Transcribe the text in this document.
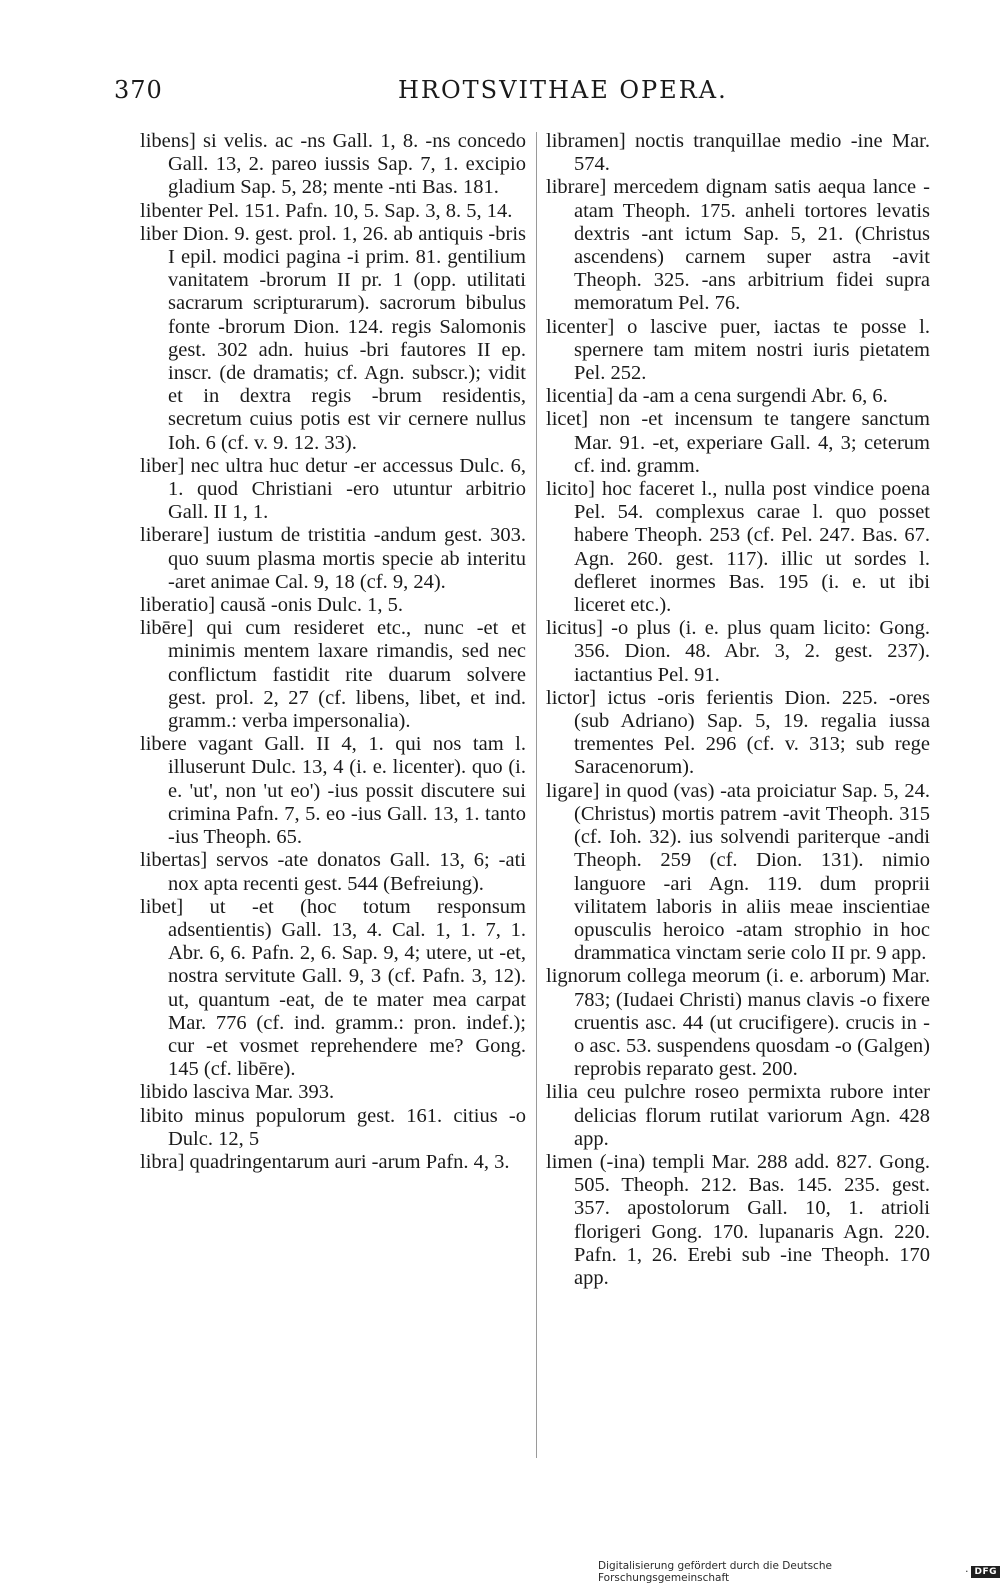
370	HROTSVITHAE OPERA.

libens] si velis. ac -ns Gall. 1, 8. -ns concedo Gall. 13, 2. pareo iussis Sap. 7, 1. excipio gladium Sap. 5, 28; mente -nti Bas. 181.

libenter Pel. 151. Pafn. 10, 5. Sap. 3, 8. 5, 14.

liber Dion. 9. gest. prol. 1, 26. ab antiquis -bris I epil. modici pagina -i prim. 81. gentilium vanitatem -brorum II pr. 1 (opp. utilitati sacrarum scripturarum). sacrorum bibulus fonte -brorum Dion. 124. regis Salomonis gest. 302 adn. huius -bri fautores II ep. inscr. (de dramatis; cf. Agn. subscr.); vidit et in dextra regis -brum residentis, secretum cuius potis est vir cernere nullus Ioh. 6 (cf. v. 9. 12. 33).

liber] nec ultra huc detur -er accessus Dulc. 6, 1. quod Christiani -ero utuntur arbitrio Gall. II 1, 1.

liberare] iustum de tristitia -andum gest. 303. quo suum plasma mortis specie ab interitu -aret animae Cal. 9, 18 (cf. 9, 24).

liberatio] causă -onis Dulc. 1, 5.

libēre] qui cum resideret etc., nunc -et et minimis mentem laxare rimandis, sed nec conflictum fastidit rite duarum solvere gest. prol. 2, 27 (cf. libens, libet, et ind. gramm.: verba impersonalia).

libere vagant Gall. II 4, 1. qui nos tam l. illuserunt Dulc. 13, 4 (i. e. licenter). quo (i. e. 'ut', non 'ut eo') -ius possit discutere sui crimina Pafn. 7, 5. eo -ius Gall. 13, 1. tanto -ius Theoph. 65.

libertas] servos -ate donatos Gall. 13, 6; -ati nox apta recenti gest. 544 (Befreiung).

libet] ut -et (hoc totum responsum adsentientis) Gall. 13, 4. Cal. 1, 1. 7, 1. Abr. 6, 6. Pafn. 2, 6. Sap. 9, 4; utere, ut -et, nostra servitute Gall. 9, 3 (cf. Pafn. 3, 12). ut, quantum -eat, de te mater mea carpat Mar. 776 (cf. ind. gramm.: pron. indef.); cur -et vosmet reprehendere me? Gong. 145 (cf. libēre).

libido lasciva Mar. 393.

libito minus populorum gest. 161. citius -o Dulc. 12, 5

libra] quadringentarum auri -arum Pafn. 4, 3.

libramen] noctis tranquillae medio -ine Mar. 574.

librare] mercedem dignam satis aequa lance -atam Theoph. 175. anheli tortores levatis dextris -ant ictum Sap. 5, 21. (Christus ascendens) carnem super astra -avit Theoph. 325. -ans arbitrium fidei supra memoratum Pel. 76.

licenter] o lascive puer, iactas te posse l. spernere tam mitem nostri iuris pietatem Pel. 252.

licentia] da -am a cena surgendi Abr. 6, 6.

licet] non -et incensum te tangere sanctum Mar. 91. -et, experiare Gall. 4, 3; ceterum cf. ind. gramm.

licito] hoc faceret l., nulla post vindice poena Pel. 54. complexus carae l. quo posset habere Theoph. 253 (cf. Pel. 247. Bas. 67. Agn. 260. gest. 117). illic ut sordes l. defleret inormes Bas. 195 (i. e. ut ibi liceret etc.).

licitus] -o plus (i. e. plus quam licito: Gong. 356. Dion. 48. Abr. 3, 2. gest. 237). iactantius Pel. 91.

lictor] ictus -oris ferientis Dion. 225. -ores (sub Adriano) Sap. 5, 19. regalia iussa trementes Pel. 296 (cf. v. 313; sub rege Saracenorum).

ligare] in quod (vas) -ata proiciatur Sap. 5, 24. (Christus) mortis patrem -avit Theoph. 315 (cf. Ioh. 32). ius solvendi pariterque -andi Theoph. 259 (cf. Dion. 131). nimio languore -ari Agn. 119. dum proprii vilitatem laboris in aliis meae inscientiae opusculis heroico -atam strophio in hoc drammatica vinctam serie colo II pr. 9 app.

lignorum collega meorum (i. e. arborum) Mar. 783; (Iudaei Christi) manus clavis -o fixere cruentis asc. 44 (ut crucifigere). crucis in -o asc. 53. suspendens quosdam -o (Galgen) reprobis reparato gest. 200.

lilia ceu pulchre roseo permixta rubore inter delicias florum rutilat variorum Agn. 428 app.

limen (-ina) templi Mar. 288 add. 827. Gong. 505. Theoph. 212. Bas. 145. 235. gest. 357. apostolorum Gall. 10, 1. atrioli florigeri Gong. 170. lupanaris Agn. 220. Pafn. 1, 26. Erebi sub -ine Theoph. 170 app.

Digitalisierung gefördert durch die Deutsche Forschungsgemeinschaft	· DFG
